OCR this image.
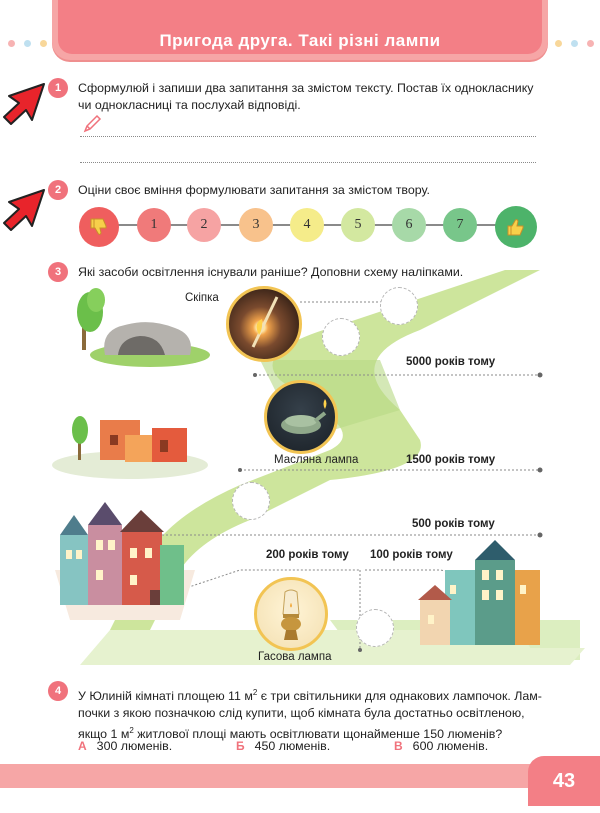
Пригода друга. Такі різні лампи
1	Сформулюй і запиши два запитання за змістом тексту. Постав їх однокласнику
чи однокласниці та послухай відповіді.
2	Оціни своє вміння формулювати запитання за змістом твору.
1	2	3	4	5	6	7
3	Які засоби освітлення існували раніше? Доповни схему наліпками.
Скіпка
Масляна лампа
Гасова лампа
5000 років тому
1500 років тому
500 років тому
200 років тому 100 років тому
4	У Юлиній кімнаті площею 11 $м^2$ є три світильники для однакових лампочок. Лам-
почки з якою позначкою слід купити, щоб кімната була достатньо освітленою,
якщо 1 $м^2$ житлової площі мають освітлювати щонайменше 150 люменів?
А 300 люменів.	Б 450 люменів.	В 600 люменів.
43
